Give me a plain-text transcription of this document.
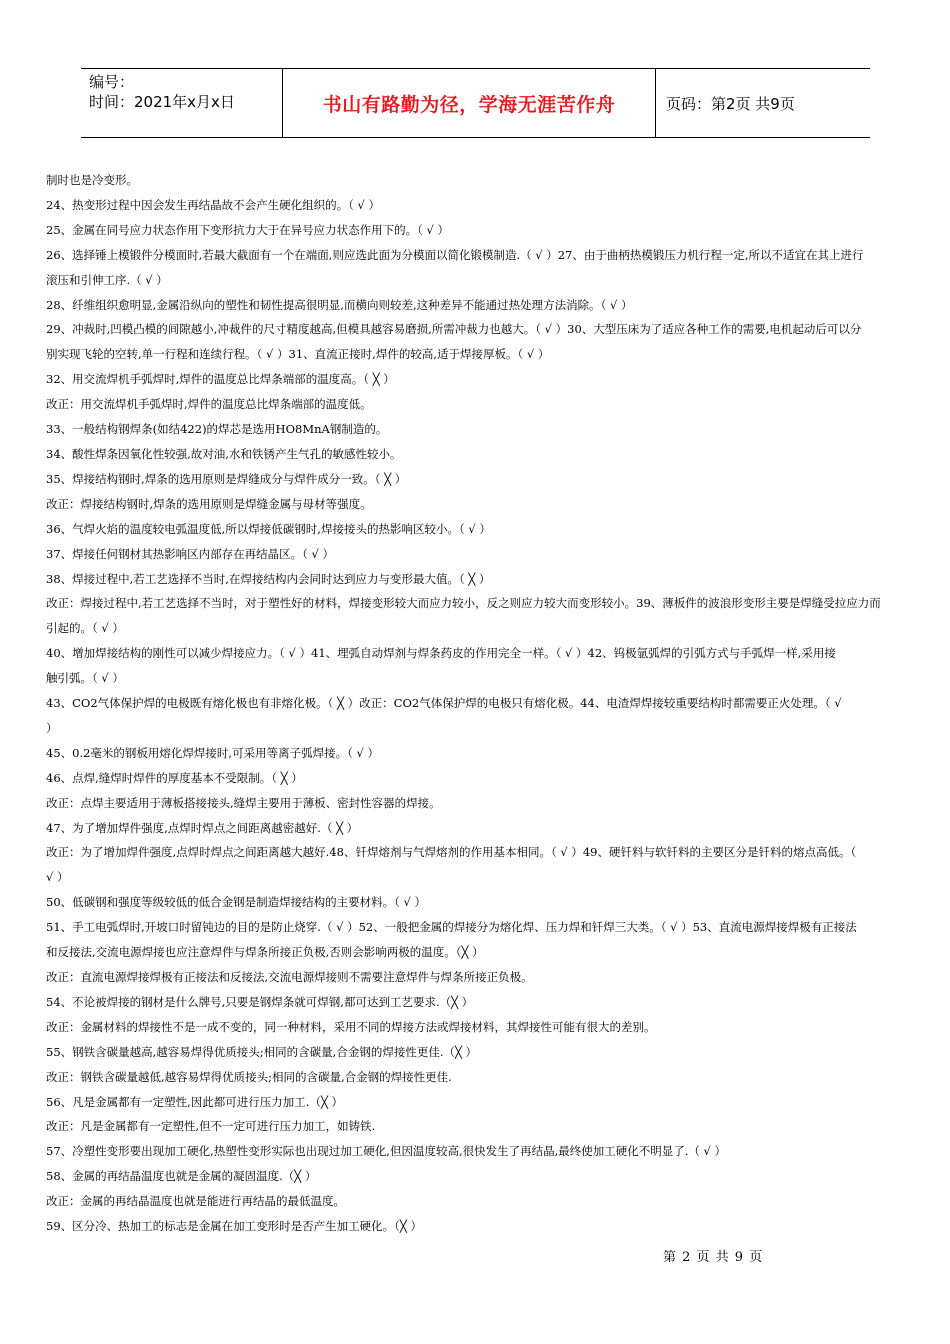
编号：
时间：2021年x月x日	书山有路勤为径，学海无涯苦作舟	页码：第2页 共9页
制时也是冷变形。
24、热变形过程中因会发生再结晶故不会产生硬化组织的。（ √ ）
25、金属在同号应力状态作用下变形抗力大于在异号应力状态作用下的。（ √ ）
26、选择锤上模锻件分模面时,若最大截面有一个在端面,则应选此面为分模面以简化锻模制造.（ √ ）27、由于曲柄热模锻压力机行程一定,所以不适宜在其上进行
滚压和引伸工序.（ √ ）
28、纤维组织愈明显,金属沿纵向的塑性和韧性提高很明显,而横向则较差,这种差异不能通过热处理方法消除。（ √ ）
29、冲裁时,凹模凸模的间隙越小,冲裁件的尺寸精度越高,但模具越容易磨损,所需冲裁力也越大。（ √ ）30、大型压床为了适应各种工作的需要,电机起动后可以分
别实现飞轮的空转,单一行程和连续行程。（ √ ）31、直流正接时,焊件的较高,适于焊接厚板。（ √ ）
32、用交流焊机手弧焊时,焊件的温度总比焊条端部的温度高。（ ╳ ）
改正：用交流焊机手弧焊时,焊件的温度总比焊条端部的温度低。
33、一般结构钢焊条(如结422)的焊芯是选用HO8MnA钢制造的。
34、酸性焊条因氧化性较强,故对油,水和铁锈产生气孔的敏感性较小。
35、焊接结构钢时,焊条的选用原则是焊缝成分与焊件成分一致。（ ╳ ）
改正：焊接结构钢时,焊条的选用原则是焊缝金属与母材等强度。
36、气焊火焰的温度较电弧温度低,所以焊接低碳钢时,焊接接头的热影响区较小。（ √ ）
37、焊接任何钢材其热影响区内部存在再结晶区。（ √ ）
38、焊接过程中,若工艺选择不当时,在焊接结构内会同时达到应力与变形最大值。（ ╳ ）
改正：焊接过程中,若工艺选择不当时，对于塑性好的材料，焊接变形较大而应力较小，反之则应力较大而变形较小。39、薄板件的波浪形变形主要是焊缝受拉应力而
引起的。（ √ ）
40、增加焊接结构的刚性可以减少焊接应力。（ √ ）41、埋弧自动焊剂与焊条药皮的作用完全一样。（ √ ）42、钨极氩弧焊的引弧方式与手弧焊一样,采用接
触引弧。（ √ ）
43、CO2气体保护焊的电极既有熔化极也有非熔化极。（ ╳ ）改正：CO2气体保护焊的电极只有熔化极。44、电渣焊焊接较重要结构时都需要正火处理。（ √
）
45、0.2毫米的钢板用熔化焊焊接时,可采用等离子弧焊接。（ √ ）
46、点焊,缝焊时焊件的厚度基本不受限制。（ ╳ ）
改正：点焊主要适用于薄板搭接接头,缝焊主要用于薄板、密封性容器的焊接。
47、为了增加焊件强度,点焊时焊点之间距离越密越好.（ ╳ ）
改正：为了增加焊件强度,点焊时焊点之间距离越大越好.48、钎焊熔剂与气焊熔剂的作用基本相同。（ √ ）49、硬钎料与软钎料的主要区分是钎料的熔点高低。（
√ ）
50、低碳钢和强度等级较低的低合金钢是制造焊接结构的主要材料。（ √ ）
51、手工电弧焊时,开坡口时留钝边的目的是防止烧穿.（ √ ）52、一般把金属的焊接分为熔化焊、压力焊和钎焊三大类。（ √ ）53、直流电源焊接焊极有正接法
和反接法,交流电源焊接也应注意焊件与焊条所接正负极,否则会影响两极的温度。（╳ ）
改正：直流电源焊接焊极有正接法和反接法,交流电源焊接则不需要注意焊件与焊条所接正负极。
54、不论被焊接的钢材是什么牌号,只要是钢焊条就可焊钢,都可达到工艺要求.（╳ ）
改正：金属材料的焊接性不是一成不变的，同一种材料，采用不同的焊接方法或焊接材料，其焊接性可能有很大的差别。
55、钢铁含碳量越高,越容易焊得优质接头;相同的含碳量,合金钢的焊接性更佳.（╳ ）
改正：钢铁含碳量越低,越容易焊得优质接头;相同的含碳量,合金钢的焊接性更佳.
56、凡是金属都有一定塑性,因此都可进行压力加工.（╳ ）
改正：凡是金属都有一定塑性,但不一定可进行压力加工，如铸铁.
57、冷塑性变形要出现加工硬化,热塑性变形实际也出现过加工硬化,但因温度较高,很快发生了再结晶,最终使加工硬化不明显了.（ √ ）
58、金属的再结晶温度也就是金属的凝固温度.（╳ ）
改正：金属的再结晶温度也就是能进行再结晶的最低温度。
59、区分冷、热加工的标志是金属在加工变形时是否产生加工硬化。（╳ ）
第 2 页 共 9 页
